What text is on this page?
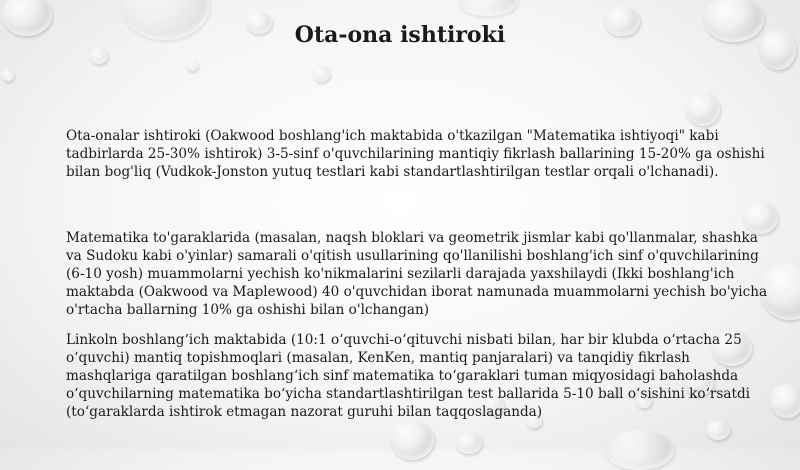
Ota-ona ishtiroki

Ota-onalar ishtiroki (Oakwood boshlang'ich maktabida o'tkazilgan "Matematika ishtiyoqi" kabi tadbirlarda 25-30% ishtirok) 3-5-sinf o'quvchilarining mantiqiy fikrlash ballarining 15-20% ga oshishi bilan bog'liq (Vudkok-Jonston yutuq testlari kabi standartlashtirilgan testlar orqali o'lchanadi).

Matematika to'garaklarida (masalan, naqsh bloklari va geometrik jismlar kabi qo'llanmalar, shashka va Sudoku kabi o'yinlar) samarali o'qitish usullarining qo'llanilishi boshlang'ich sinf o'quvchilarining (6-10 yosh) muammolarni yechish ko'nikmalarini sezilarli darajada yaxshilaydi (Ikki boshlang'ich maktabda (Oakwood va Maplewood) 40 o'quvchidan iborat namunada muammolarni yechish bo'yicha o'rtacha ballarning 10% ga oshishi bilan o'lchangan)

Linkoln boshlang‘ich maktabida (10:1 o‘quvchi-o‘qituvchi nisbati bilan, har bir klubda o‘rtacha 25 o‘quvchi) mantiq topishmoqlari (masalan, KenKen, mantiq panjaralari) va tanqidiy fikrlash mashqlariga qaratilgan boshlang‘ich sinf matematika to‘garaklari tuman miqyosidagi baholashda o‘quvchilarning matematika bo‘yicha standartlashtirilgan test ballarida 5-10 ball o‘sishini ko‘rsatdi (to‘garaklarda ishtirok etmagan nazorat guruhi bilan taqqoslaganda)
